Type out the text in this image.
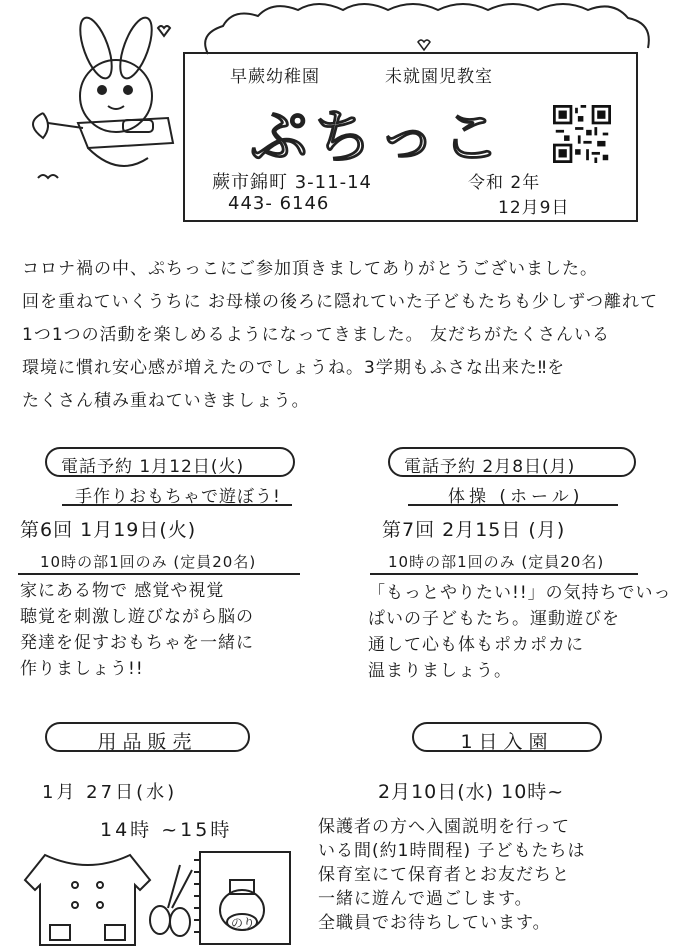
早蕨幼稚園	未就園児教室
ぷちっこ
蕨市錦町 3-11-14
443- 6146
令和 2年
12月9日
コロナ禍の中、ぷちっこにご参加頂きましてありがとうございました。
回を重ねていくうちに お母様の後ろに隠れていた子どもたちも少しずつ離れて
1つ1つの活動を楽しめるようになってきました。 友だちがたくさんいる
環境に慣れ安心感が増えたのでしょうね。3学期もふさな出来た‼を
たくさん積み重ねていきましょう。
電話予約 1月12日(火)
手作りおもちゃで遊ぼう!
第6回 1月19日(火)
10時の部1回のみ (定員20名)
家にある物で 感覚や視覚
聴覚を刺激し遊びながら脳の
発達を促すおもちゃを一緒に
作りましょう!!
電話予約 2月8日(月)
体操 (ホール)
第7回 2月15日 (月)
10時の部1回のみ (定員20名)
「もっとやりたい!!」の気持ちでいっ
ぱいの子どもたち。運動遊びを
通して心も体もポカポカに
温まりましょう。
用品販売
1月 27日(水)
14時 ~15時
1日入園
2月10日(水) 10時~
保護者の方へ入園説明を行って
いる間(約1時間程) 子どもたちは
保育室にて保育者とお友だちと
一緒に遊んで過ごします。
全職員でお待ちしています。
のり
